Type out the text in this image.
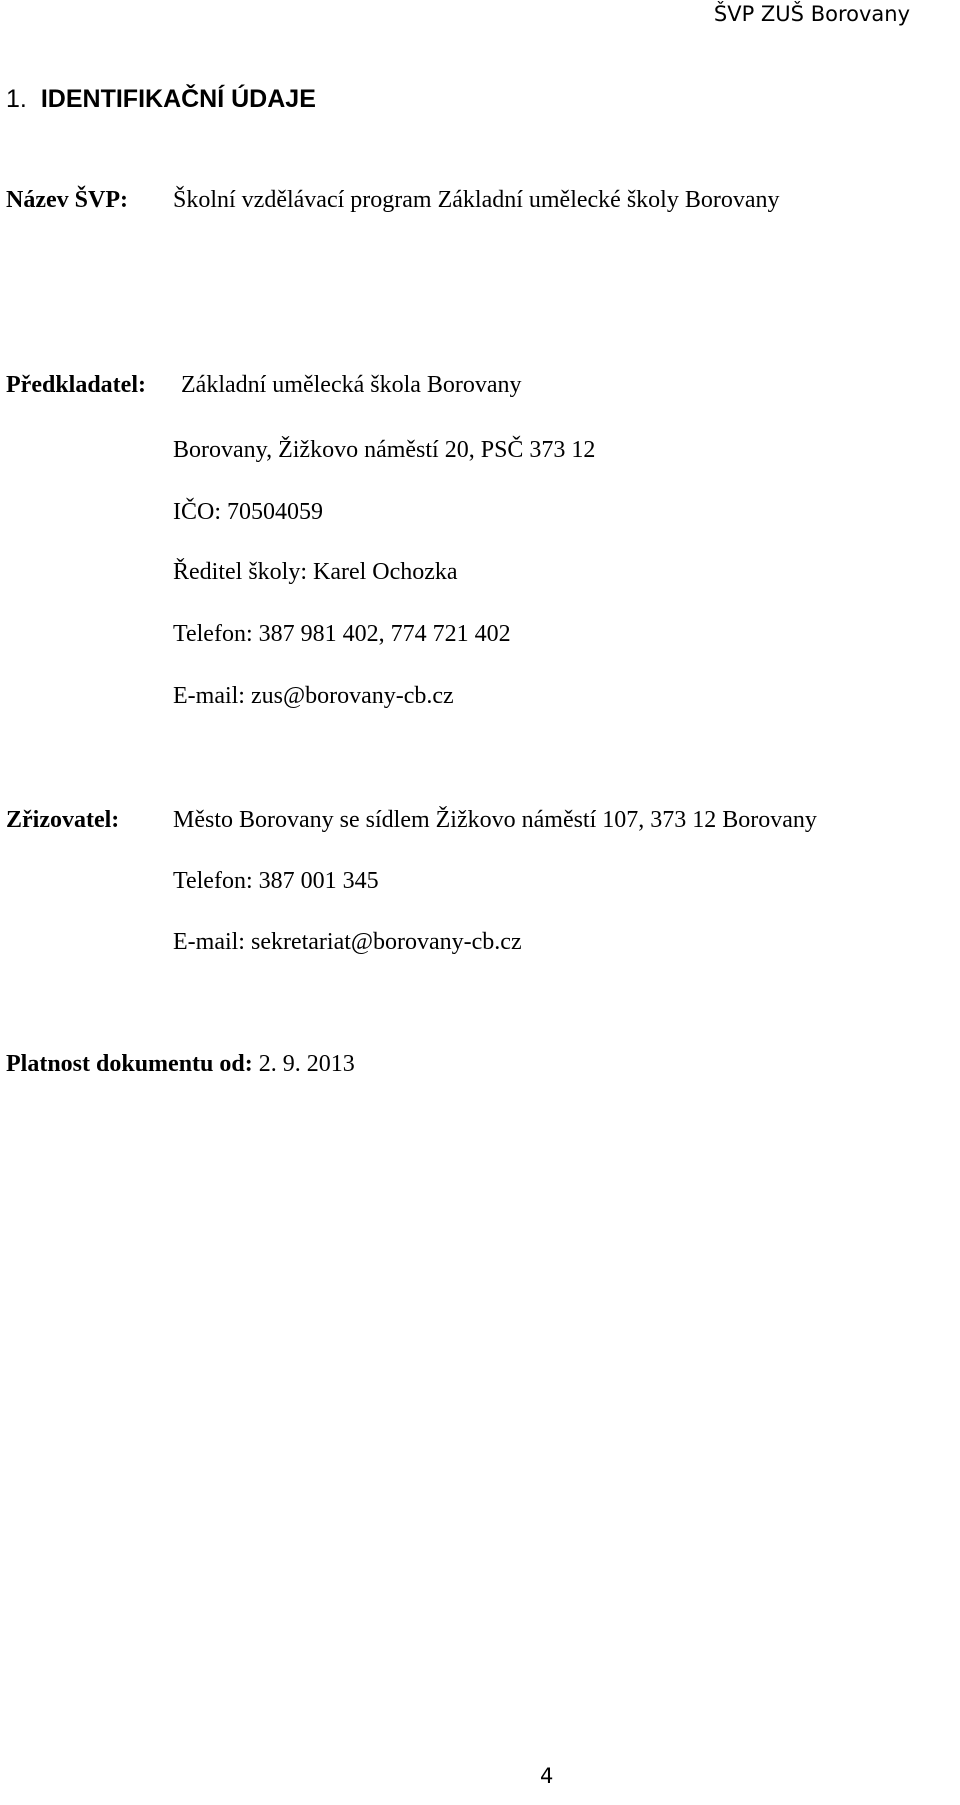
ŠVP ZUŠ Borovany
1. IDENTIFIKAČNÍ ÚDAJE
Název ŠVP: Školní vzdělávací program Základní umělecké školy Borovany
Předkladatel: Základní umělecká škola Borovany
Borovany, Žižkovo náměstí 20, PSČ 373 12
IČO: 70504059
Ředitel školy: Karel Ochozka
Telefon: 387 981 402, 774 721 402
E-mail: zus@borovany-cb.cz
Zřizovatel: Město Borovany se sídlem Žižkovo náměstí 107, 373 12 Borovany
Telefon: 387 001 345
E-mail: sekretariat@borovany-cb.cz
Platnost dokumentu od: 2. 9. 2013
4
